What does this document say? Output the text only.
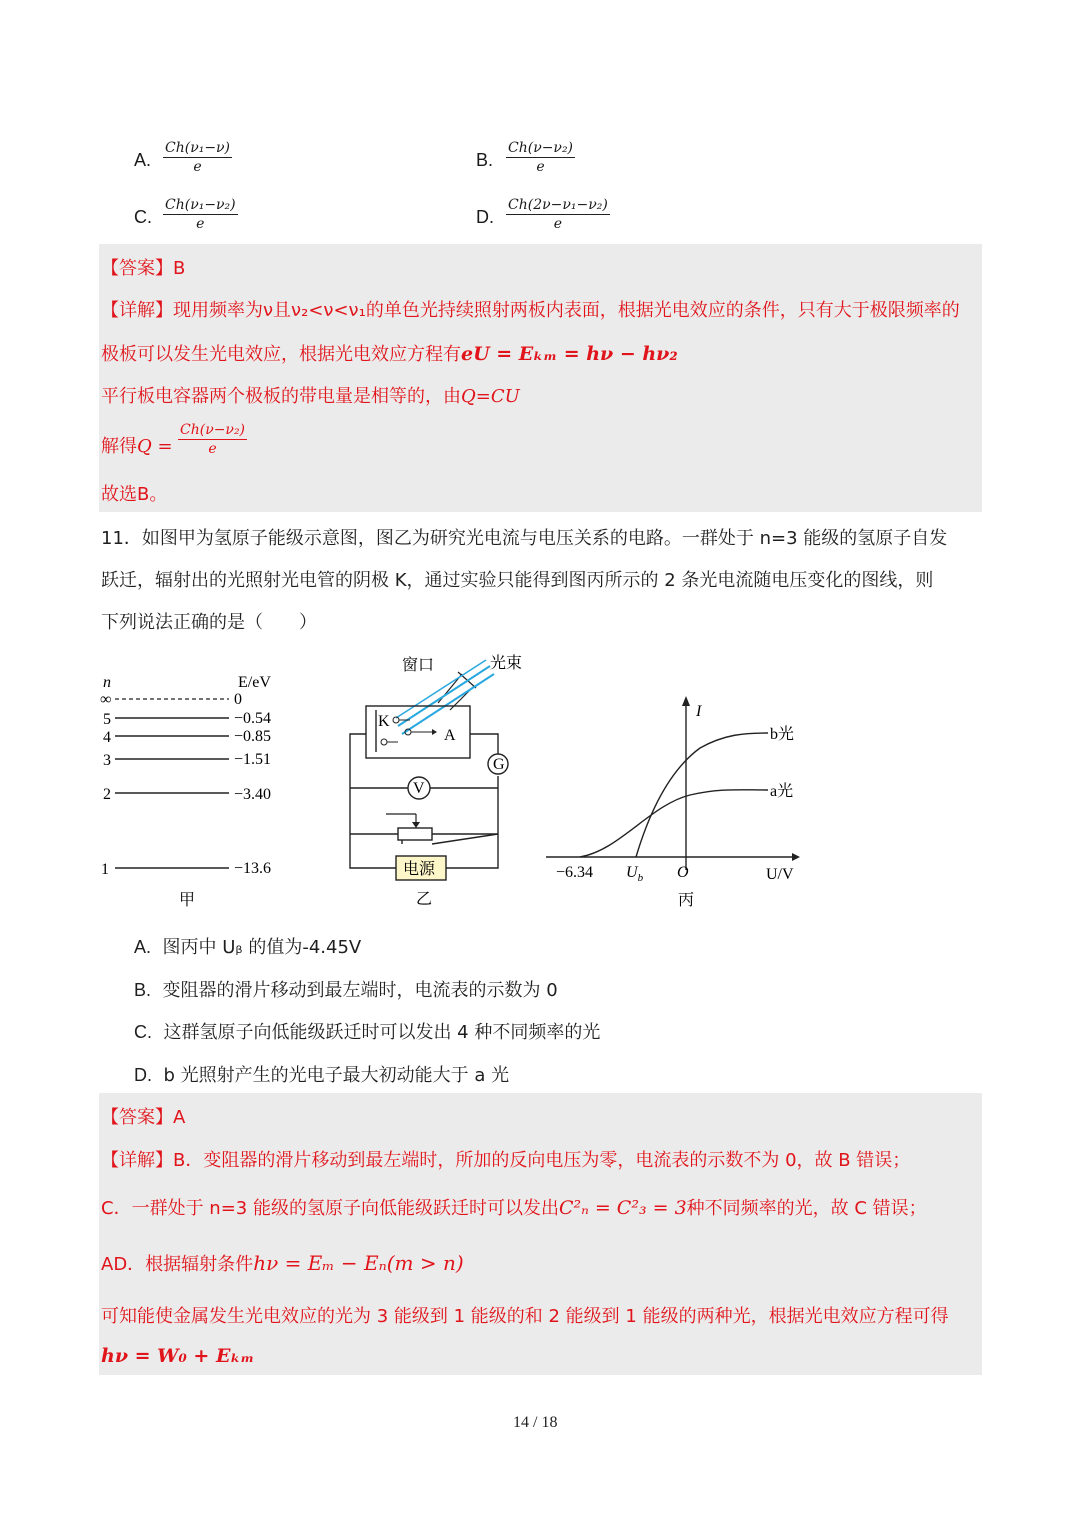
A. $\frac{\text{Ch(ν₁−ν)}}{e}$	B. $\frac{\text{Ch(ν−ν₂)}}{e}$
C. $\frac{\text{Ch(ν₁−ν₂)}}{e}$	D. $\frac{\text{Ch(2ν−ν₁−ν₂)}}{e}$
【答案】B
【详解】现用频率为ν且ν₂<ν<ν₁的单色光持续照射两板内表面，根据光电效应的条件，只有大于极限频率的
极板可以发生光电效应，根据光电效应方程有eU = Eₖₘ = hν − hν₂
平行板电容器两个极板的带电量是相等的，由Q=CU
解得$Q = \frac{\text{Ch(ν−ν₂)}}{e}$
故选B。
11．如图甲为氢原子能级示意图，图乙为研究光电流与电压关系的电路。一群处于 n=3 能级的氢原子自发
跃迁，辐射出的光照射光电管的阴极 K，通过实验只能得到图丙所示的 2 条光电流随电压变化的图线，则
下列说法正确的是（　　）
n	E/eV
∞	0
5	−0.54
4	−0.85
3	−1.51
2	−3.40
1	−13.6
甲
窗口	光束
K
A
G
V
电源
乙
I
U/V
O
−6.34 $U_b$
b光
a光
丙
A. 图丙中 Uᵦ 的值为-4.45V
B. 变阻器的滑片移动到最左端时，电流表的示数为 0
C. 这群氢原子向低能级跃迁时可以发出 4 种不同频率的光
D. b 光照射产生的光电子最大初动能大于 a 光
【答案】A
【详解】B．变阻器的滑片移动到最左端时，所加的反向电压为零，电流表的示数不为 0，故 B 错误；
C．一群处于 n=3 能级的氢原子向低能级跃迁时可以发出C²ₙ = C²₃ = 3种不同频率的光，故 C 错误；
AD．根据辐射条件hν = Eₘ − Eₙ(m > n)
可知能使金属发生光电效应的光为 3 能级到 1 能级的和 2 能级到 1 能级的两种光，根据光电效应方程可得
hν = W₀ + Eₖₘ
14 / 18
